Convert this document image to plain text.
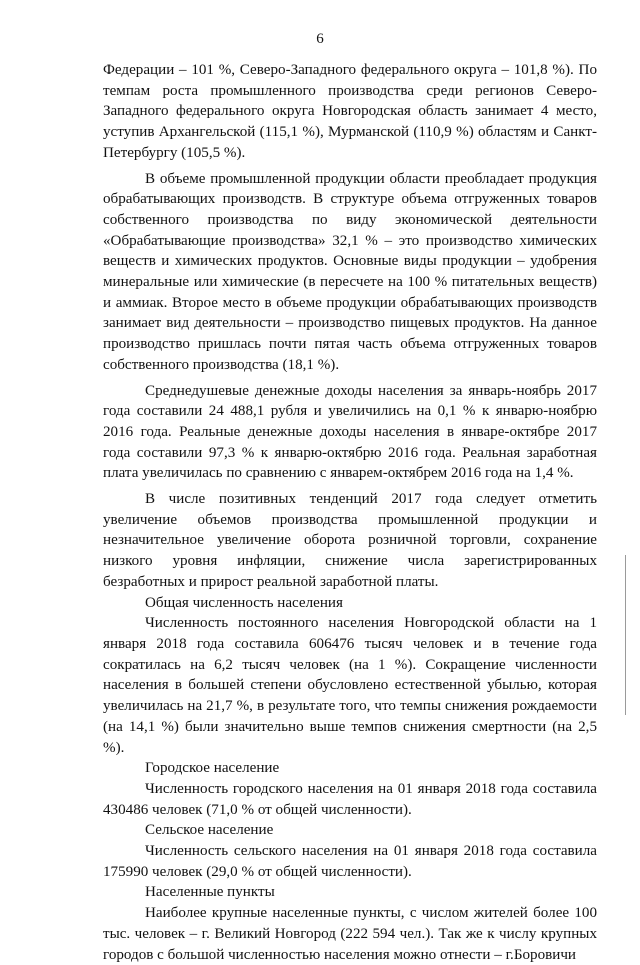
6

Федерации – 101 %, Северо-Западного федерального округа – 101,8 %). По темпам роста промышленного производства среди регионов Северо-Западного федерального округа Новгородская область занимает 4 место, уступив Архангельской (115,1 %), Мурманской (110,9 %) областям и Санкт-Петербургу (105,5 %).

В объеме промышленной продукции области преобладает продукция обрабатывающих производств. В структуре объема отгруженных товаров собственного производства по виду экономической деятельности «Обрабатывающие производства» 32,1 % – это производство химических веществ и химических продуктов. Основные виды продукции – удобрения минеральные или химические (в пересчете на 100 % питательных веществ) и аммиак. Второе место в объеме продукции обрабатывающих производств занимает вид деятельности – производство пищевых продуктов. На данное производство пришлась почти пятая часть объема отгруженных товаров собственного производства (18,1 %).

Среднедушевые денежные доходы населения за январь-ноябрь 2017 года составили 24 488,1 рубля и увеличились на 0,1 % к январю-ноябрю 2016 года. Реальные денежные доходы населения в январе-октябре 2017 года составили 97,3 % к январю-октябрю 2016 года. Реальная заработная плата увеличилась по сравнению с январем-октябрем 2016 года на 1,4 %.

В числе позитивных тенденций 2017 года следует отметить увеличение объемов производства промышленной продукции и незначительное увеличение оборота розничной торговли, сохранение низкого уровня инфляции, снижение числа зарегистрированных безработных и прирост реальной заработной платы.

Общая численность населения

Численность постоянного населения Новгородской области на 1 января 2018 года составила 606476 тысяч человек и в течение года сократилась на 6,2 тысяч человек (на 1 %). Сокращение численности населения в большей степени обусловлено естественной убылью, которая увеличилась на 21,7 %, в результате того, что темпы снижения рождаемости (на 14,1 %) были значительно выше темпов снижения смертности (на 2,5 %).

Городское население

Численность городского населения на 01 января 2018 года составила 430486 человек (71,0 % от общей численности).

Сельское население

Численность сельского населения на 01 января 2018 года составила 175990 человек (29,0 % от общей численности).

Населенные пункты

Наиболее крупные населенные пункты, с числом жителей более 100 тыс. человек – г. Великий Новгород (222 594 чел.). Так же к числу крупных городов с большой численностью населения можно отнести – г.Боровичи
